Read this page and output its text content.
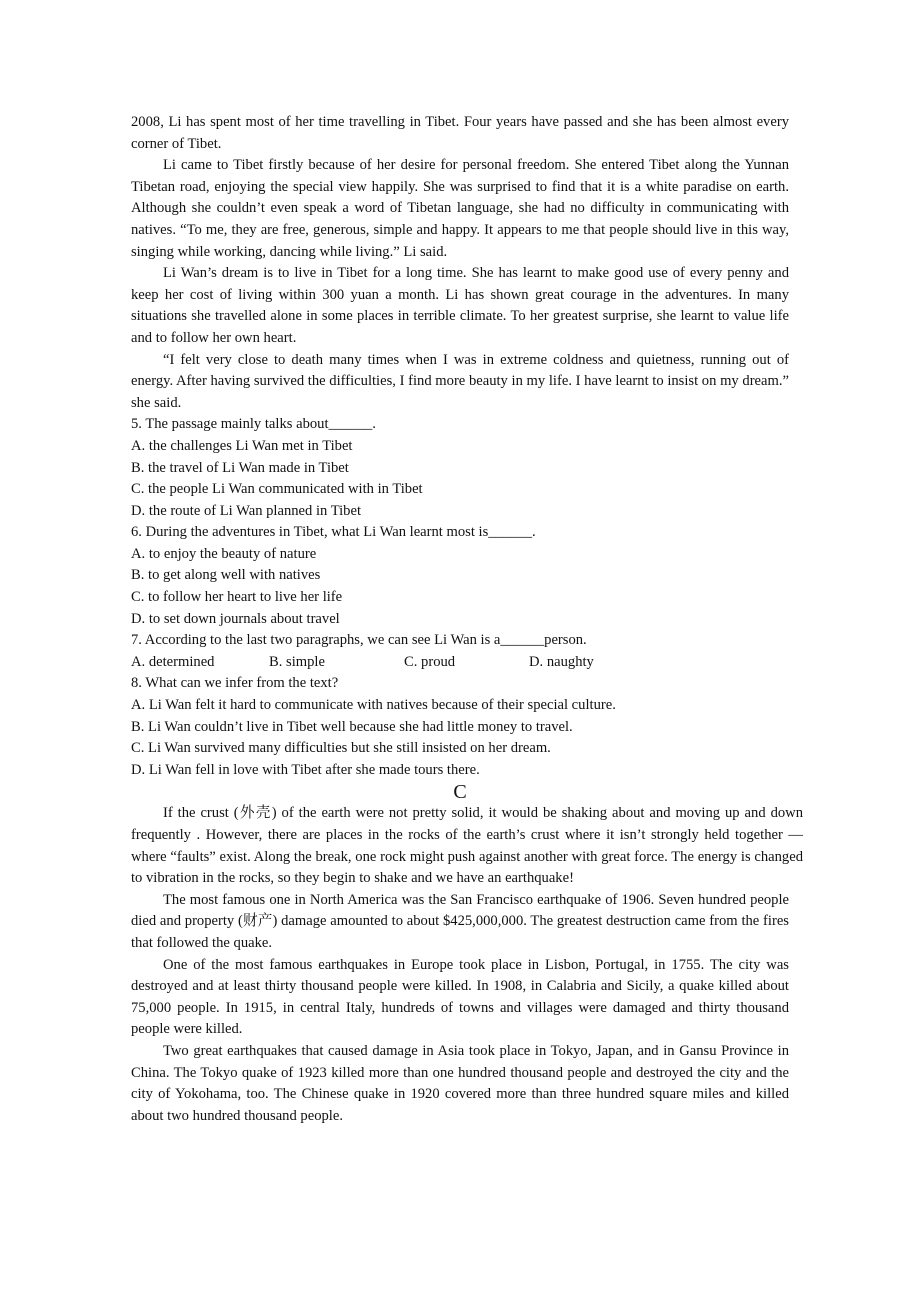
2008, Li has spent most of her time travelling in Tibet. Four years have passed and she has been almost every corner of Tibet.

Li came to Tibet firstly because of her desire for personal freedom. She entered Tibet along the Yunnan Tibetan road, enjoying the special view happily. She was surprised to find that it is a white paradise on earth. Although she couldn’t even speak a word of Tibetan language, she had no difficulty in communicating with natives. “To me, they are free, generous, simple and happy. It appears to me that people should live in this way, singing while working, dancing while living.” Li said.

Li Wan’s dream is to live in Tibet for a long time. She has learnt to make good use of every penny and keep her cost of living within 300 yuan a month. Li has shown great courage in the adventures. In many situations she travelled alone in some places in terrible climate. To her greatest surprise, she learnt to value life and to follow her own heart.

“I felt very close to death many times when I was in extreme coldness and quietness, running out of energy. After having survived the difficulties, I find more beauty in my life. I have learnt to insist on my dream.” she said.

5. The passage mainly talks about______.

A. the challenges Li Wan met in Tibet

B. the travel of Li Wan made in Tibet

C. the people Li Wan communicated with in Tibet

D. the route of Li Wan planned in Tibet

6. During the adventures in Tibet, what Li Wan learnt most is______.

A. to enjoy the beauty of nature

B. to get along well with natives

C. to follow her heart to live her life

D. to set down journals about travel

7. According to the last two paragraphs, we can see Li Wan is a______person.

A. determined	B. simple	C. proud	D. naughty

8. What can we infer from the text?

A. Li Wan felt it hard to communicate with natives because of their special culture.

B. Li Wan couldn’t live in Tibet well because she had little money to travel.

C. Li Wan survived many difficulties but she still insisted on her dream.

D. Li Wan fell in love with Tibet after she made tours there.

C

If the crust (外壳) of the earth were not pretty solid, it would be shaking about and moving up and down frequently . However, there are places in the rocks of the earth’s crust where it isn’t strongly held together — where “faults” exist. Along the break, one rock might push against another with great force. The energy is changed to vibration in the rocks, so they begin to shake and we have an earthquake!

The most famous one in North America was the San Francisco earthquake of 1906. Seven hundred people died and property (财产) damage amounted to about $425,000,000. The greatest destruction came from the fires that followed the quake.

One of the most famous earthquakes in Europe took place in Lisbon, Portugal, in 1755. The city was destroyed and at least thirty thousand people were killed. In 1908, in Calabria and Sicily, a quake killed about 75,000 people. In 1915, in central Italy, hundreds of towns and villages were damaged and thirty thousand people were killed.

Two great earthquakes that caused damage in Asia took place in Tokyo, Japan, and in Gansu Province in China. The Tokyo quake of 1923 killed more than one hundred thousand people and destroyed the city and the city of Yokohama, too. The Chinese quake in 1920 covered more than three hundred square miles and killed about two hundred thousand people.
